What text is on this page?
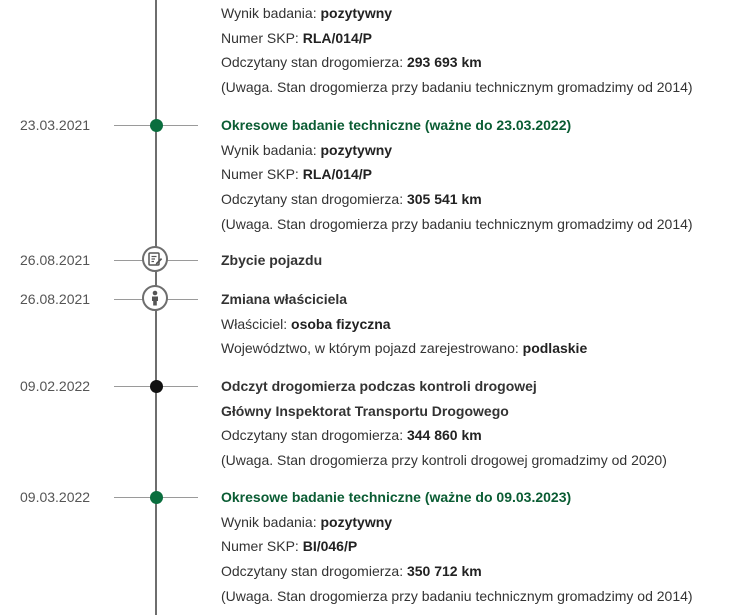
Wynik badania: pozytywny
Numer SKP: RLA/014/P
Odczytany stan drogomierza: 293 693 km
(Uwaga. Stan drogomierza przy badaniu technicznym gromadzimy od 2014)
23.03.2021	Okresowe badanie techniczne (ważne do 23.03.2022)
Wynik badania: pozytywny
Numer SKP: RLA/014/P
Odczytany stan drogomierza: 305 541 km
(Uwaga. Stan drogomierza przy badaniu technicznym gromadzimy od 2014)
26.08.2021	Zbycie pojazdu
26.08.2021	Zmiana właściciela
Właściciel: osoba fizyczna
Województwo, w którym pojazd zarejestrowano: podlaskie
09.02.2022	Odczyt drogomierza podczas kontroli drogowej
Główny Inspektorat Transportu Drogowego
Odczytany stan drogomierza: 344 860 km
(Uwaga. Stan drogomierza przy kontroli drogowej gromadzimy od 2020)
09.03.2022	Okresowe badanie techniczne (ważne do 09.03.2023)
Wynik badania: pozytywny
Numer SKP: BI/046/P
Odczytany stan drogomierza: 350 712 km
(Uwaga. Stan drogomierza przy badaniu technicznym gromadzimy od 2014)
